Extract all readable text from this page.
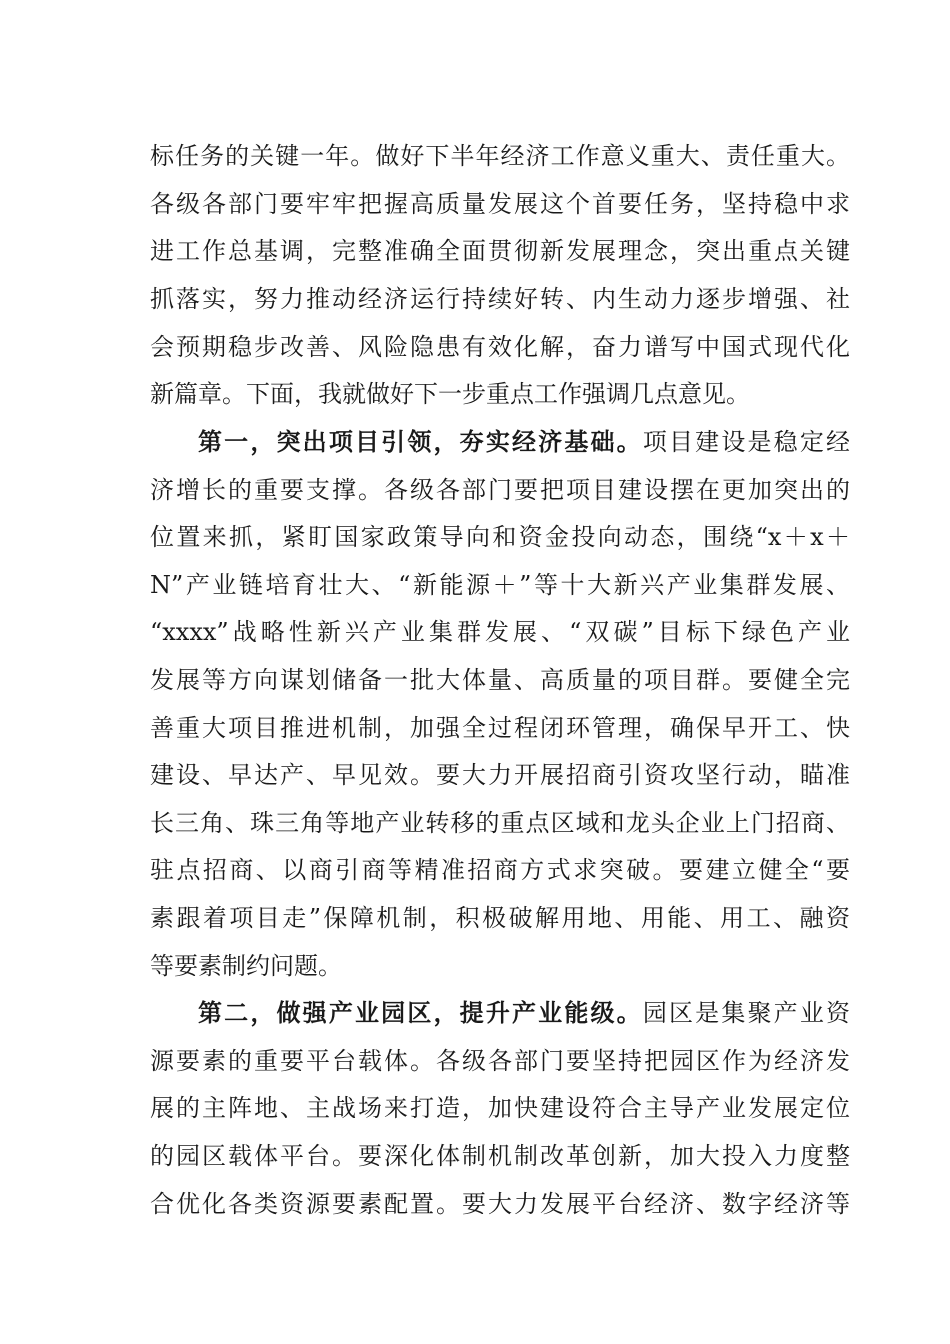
标任务的关键一年。做好下半年经济工作意义重大、责任重大。
各级各部门要牢牢把握高质量发展这个首要任务，坚持稳中求
进工作总基调，完整准确全面贯彻新发展理念，突出重点关键
抓落实，努力推动经济运行持续好转、内生动力逐步增强、社
会预期稳步改善、风险隐患有效化解，奋力谱写中国式现代化
新篇章。下面，我就做好下一步重点工作强调几点意见。
第一，突出项目引领，夯实经济基础。项目建设是稳定经
济增长的重要支撑。各级各部门要把项目建设摆在更加突出的
位置来抓，紧盯国家政策导向和资金投向动态，围绕“x＋x＋
N”产业链培育壮大、“新能源＋”等十大新兴产业集群发展、
“xxxx”战略性新兴产业集群发展、“双碳”目标下绿色产业
发展等方向谋划储备一批大体量、高质量的项目群。要健全完
善重大项目推进机制，加强全过程闭环管理，确保早开工、快
建设、早达产、早见效。要大力开展招商引资攻坚行动，瞄准
长三角、珠三角等地产业转移的重点区域和龙头企业上门招商、
驻点招商、以商引商等精准招商方式求突破。要建立健全“要
素跟着项目走”保障机制，积极破解用地、用能、用工、融资
等要素制约问题。
第二，做强产业园区，提升产业能级。园区是集聚产业资
源要素的重要平台载体。各级各部门要坚持把园区作为经济发
展的主阵地、主战场来打造，加快建设符合主导产业发展定位
的园区载体平台。要深化体制机制改革创新，加大投入力度整
合优化各类资源要素配置。要大力发展平台经济、数字经济等
